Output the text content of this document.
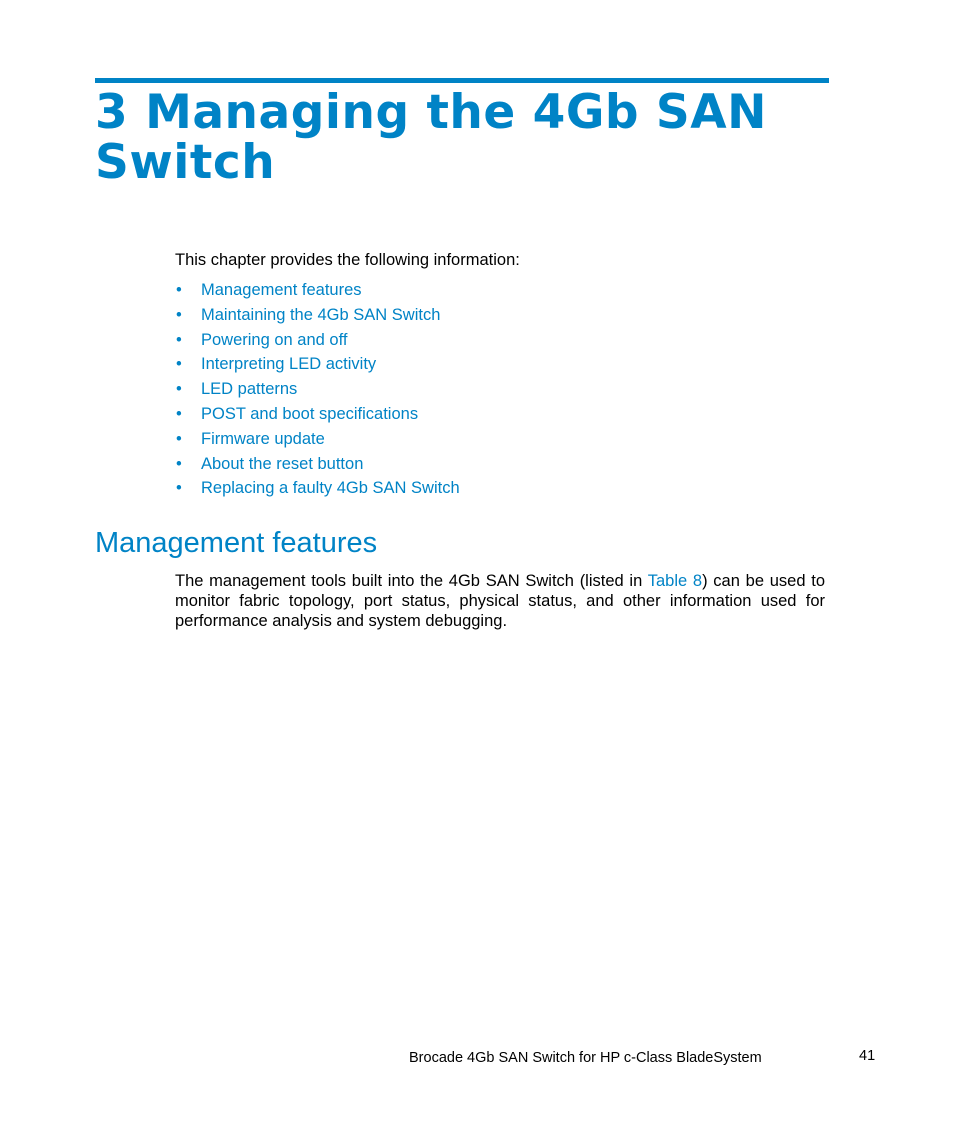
3 Managing the 4Gb SAN Switch

This chapter provides the following information:

• Management features
• Maintaining the 4Gb SAN Switch
• Powering on and off
• Interpreting LED activity
• LED patterns
• POST and boot specifications
• Firmware update
• About the reset button
• Replacing a faulty 4Gb SAN Switch
Management features

The management tools built into the 4Gb SAN Switch (listed in Table 8) can be used to monitor fabric topology, port status, physical status, and other information used for performance analysis and system debugging.

Brocade 4Gb SAN Switch for HP c-Class BladeSystem	41
